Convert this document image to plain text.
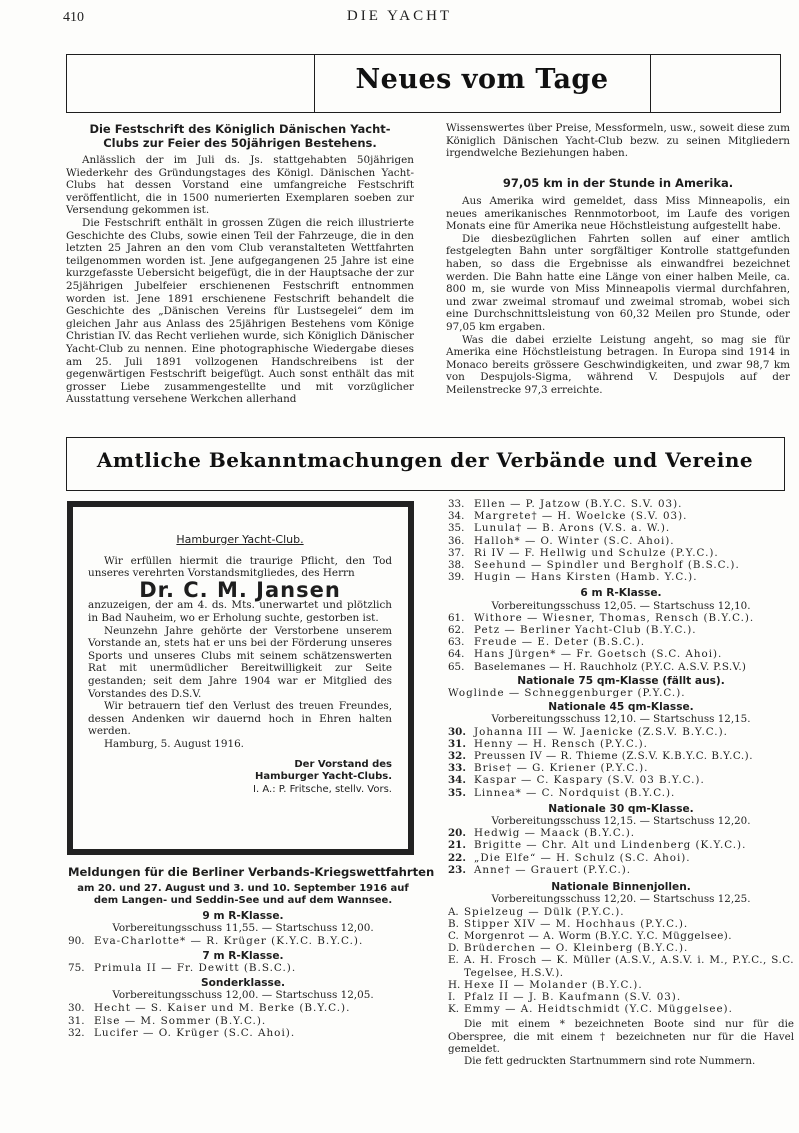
410	DIE YACHT
Neues vom Tage
Die Festschrift des Königlich Dänischen Yacht-Clubs zur Feier des 50jährigen Bestehens.

Anlässlich der im Juli ds. Js. stattgehabten 50jährigen Wiederkehr des Gründungstages des Königl. Dänischen Yacht-Clubs hat dessen Vorstand eine umfangreiche Festschrift veröffentlicht, die in 1500 numerierten Exemplaren soeben zur Versendung gekommen ist.

Die Festschrift enthält in grossen Zügen die reich illustrierte Geschichte des Clubs, sowie einen Teil der Fahrzeuge, die in den letzten 25 Jahren an den vom Club veranstalteten Wettfahrten teilgenommen worden ist. Jene aufgegangenen 25 Jahre ist eine kurzgefasste Uebersicht beigefügt, die in der Hauptsache der zur 25jährigen Jubelfeier erschienenen Festschrift entnommen worden ist. Jene 1891 erschienene Festschrift behandelt die Geschichte des „Dänischen Vereins für Lustsegelei“ dem im gleichen Jahr aus Anlass des 25jährigen Bestehens vom Könige Christian IV. das Recht verliehen wurde, sich Königlich Dänischer Yacht-Club zu nennen. Eine photographische Wiedergabe dieses am 25. Juli 1891 vollzogenen Handschreibens ist der gegenwärtigen Festschrift beigefügt. Auch sonst enthält das mit grosser Liebe zusammengestellte und mit vorzüglicher Ausstattung versehene Werkchen allerhand

Wissenswertes über Preise, Messformeln, usw., soweit diese zum Königlich Dänischen Yacht-Club bezw. zu seinen Mitgliedern irgendwelche Beziehungen haben.
97,05 km in der Stunde in Amerika.

Aus Amerika wird gemeldet, dass Miss Minneapolis, ein neues amerikanisches Rennmotorboot, im Laufe des vorigen Monats eine für Amerika neue Höchstleistung aufgestellt habe.

Die diesbezüglichen Fahrten sollen auf einer amtlich festgelegten Bahn unter sorgfältiger Kontrolle stattgefunden haben, so dass die Ergebnisse als einwandfrei bezeichnet werden. Die Bahn hatte eine Länge von einer halben Meile, ca. 800 m, sie wurde von Miss Minneapolis viermal durchfahren, und zwar zweimal stromauf und zweimal stromab, wobei sich eine Durchschnittsleistung von 60,32 Meilen pro Stunde, oder 97,05 km ergaben.

Was die dabei erzielte Leistung angeht, so mag sie für Amerika eine Höchstleistung betragen. In Europa sind 1914 in Monaco bereits grössere Geschwindigkeiten, und zwar 98,7 km von Despujols-Sigma, während V. Despujols auf der Meilenstrecke 97,3 erreichte.

Amtliche Bekanntmachungen der Verbände und Vereine
Hamburger Yacht-Club.

Wir erfüllen hiermit die traurige Pflicht, den Tod unseres verehrten Vorstandsmitgliedes, des Herrn

Dr. C. M. Jansen
anzuzeigen, der am 4. ds. Mts. unerwartet und plötzlich in Bad Nauheim, wo er Erholung suchte, gestorben ist.

Neunzehn Jahre gehörte der Verstorbene unserem Vorstande an, stets hat er uns bei der Förderung unseres Sports und unseres Clubs mit seinem schätzenswerten Rat mit unermüdlicher Bereitwilligkeit zur Seite gestanden; seit dem Jahre 1904 war er Mitglied des Vorstandes des D.S.V.

Wir betrauern tief den Verlust des treuen Freundes, dessen Andenken wir dauernd hoch in Ehren halten werden.

Hamburg, 5. August 1916.

Der Vorstand des
Hamburger Yacht-Clubs.
I. A.: P. Fritsche, stellv. Vors.
Meldungen für die Berliner Verbands-Kriegswettfahrten
am 20. und 27. August und 3. und 10. September 1916 auf dem Langen- und Seddin-See und auf dem Wannsee.
9 m R-Klasse.
Vorbereitungsschuss 11,55. — Startschuss 12,00.
90. Eva-Charlotte* — R. Krüger (K.Y.C. B.Y.C.).
7 m R-Klasse.
75. Primula II — Fr. Dewitt (B.S.C.).
Sonderklasse.
Vorbereitungsschuss 12,00. — Startschuss 12,05.
30. Hecht — S. Kaiser und M. Berke (B.Y.C.).
31. Else — M. Sommer (B.Y.C.).
32. Lucifer — O. Krüger (S.C. Ahoi).
33. Ellen — P. Jatzow (B.Y.C. S.V. 03).
34. Margrete† — H. Woelcke (S.V. 03).
35. Lunula† — B. Arons (V.S. a. W.).
36. Halloh* — O. Winter (S.C. Ahoi).
37. Ri IV — F. Hellwig und Schulze (P.Y.C.).
38. Seehund — Spindler und Bergholf (B.S.C.).
39. Hugin — Hans Kirsten (Hamb. Y.C.).
6 m R-Klasse.
Vorbereitungsschuss 12,05. — Startschuss 12,10.
61. Withore — Wiesner, Thomas, Rensch (B.Y.C.).
62. Petz — Berliner Yacht-Club (B.Y.C.).
63. Freude — E. Deter (B.S.C.).
64. Hans Jürgen* — Fr. Goetsch (S.C. Ahoi).
65. Baselemanes — H. Rauchholz (P.Y.C. A.S.V. P.S.V.)
Nationale 75 qm-Klasse (fällt aus).
Woglinde — Schneggenburger (P.Y.C.).
Nationale 45 qm-Klasse.
Vorbereitungsschuss 12,10. — Startschuss 12,15.
30. Johanna III — W. Jaenicke (Z.S.V. B.Y.C.).
31. Henny — H. Rensch (P.Y.C.).
32. Preussen IV — R. Thieme (Z.S.V. K.B.Y.C. B.Y.C.).
33. Brise† — G. Kriener (P.Y.C.).
34. Kaspar — C. Kaspary (S.V. 03 B.Y.C.).
35. Linnea* — C. Nordquist (B.Y.C.).
Nationale 30 qm-Klasse.
Vorbereitungsschuss 12,15. — Startschuss 12,20.
20. Hedwig — Maack (B.Y.C.).
21. Brigitte — Chr. Alt und Lindenberg (K.Y.C.).
22. „Die Elfe“ — H. Schulz (S.C. Ahoi).
23. Anne† — Grauert (P.Y.C.).
Nationale Binnenjollen.
Vorbereitungsschuss 12,20. — Startschuss 12,25.
A. Spielzeug — Dülk (P.Y.C.).
B. Stipper XIV — M. Hochhaus (P.Y.C.).
C. Morgenrot — A. Worm (B.Y.C. Y.C. Müggelsee).
D. Brüderchen — O. Kleinberg (B.Y.C.).
E. A. H. Frosch — K. Müller (A.S.V., A.S.V. i. M., P.Y.C., S.C. Tegelsee, H.S.V.).
H. Hexe II — Molander (B.Y.C.).
I. Pfalz II — J. B. Kaufmann (S.V. 03).
K. Emmy — A. Heidtschmidt (Y.C. Müggelsee).

Die mit einem * bezeichneten Boote sind nur für die Oberspree, die mit einem † bezeichneten nur für die Havel gemeldet.

Die fett gedruckten Startnummern sind rote Nummern.
